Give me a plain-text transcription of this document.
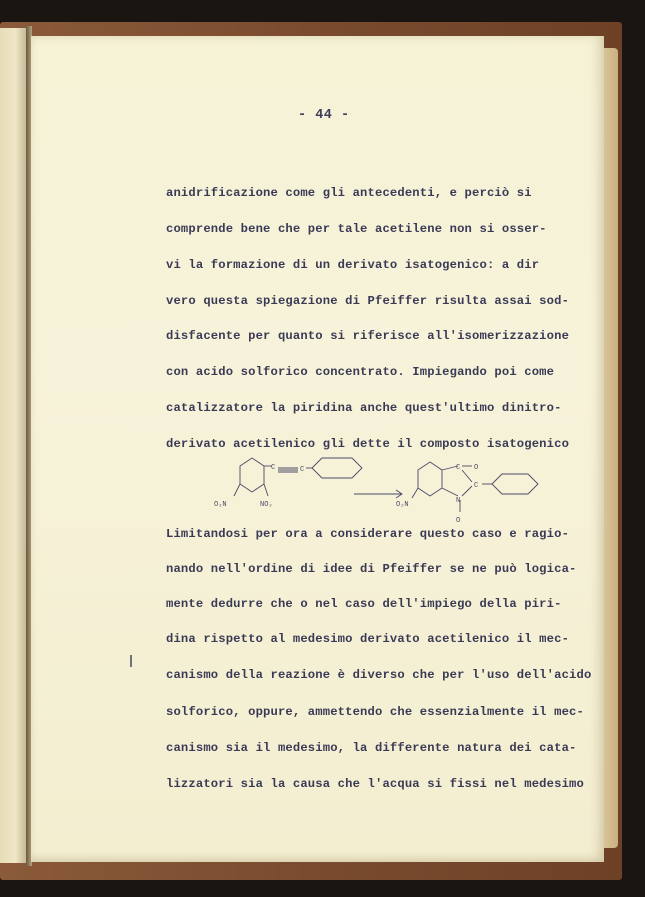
- 44 -
anidrificazione come gli antecedenti, e perciò si
comprende bene che per tale acetilene non si osser-
vi la formazione di un derivato isatogenico: a dir
vero questa spiegazione di Pfeiffer risulta assai sod-
disfacente per quanto si riferisce all'isomerizzazione
con acido solforico concentrato. Impiegando poi come
catalizzatore la piridina anche quest'ultimo dinitro-
derivato acetilenico gli dette il composto isatogenico
Limitandosi per ora a considerare questo caso e ragio-
nando nell'ordine di idee di Pfeiffer se ne può logica-
mente dedurre che o nel caso dell'impiego della piri-
dina rispetto al medesimo derivato acetilenico il mec-
canismo della reazione è diverso che per l'uso dell'acido
solforico, oppure, ammettendo che essenzialmente il mec-
canismo sia il medesimo, la differente natura dei cata-
lizzatori sia la causa che l'acqua si fissi nel medesimo
C	C
O₂N	NO₂
C O
C
O₂N	N
O
